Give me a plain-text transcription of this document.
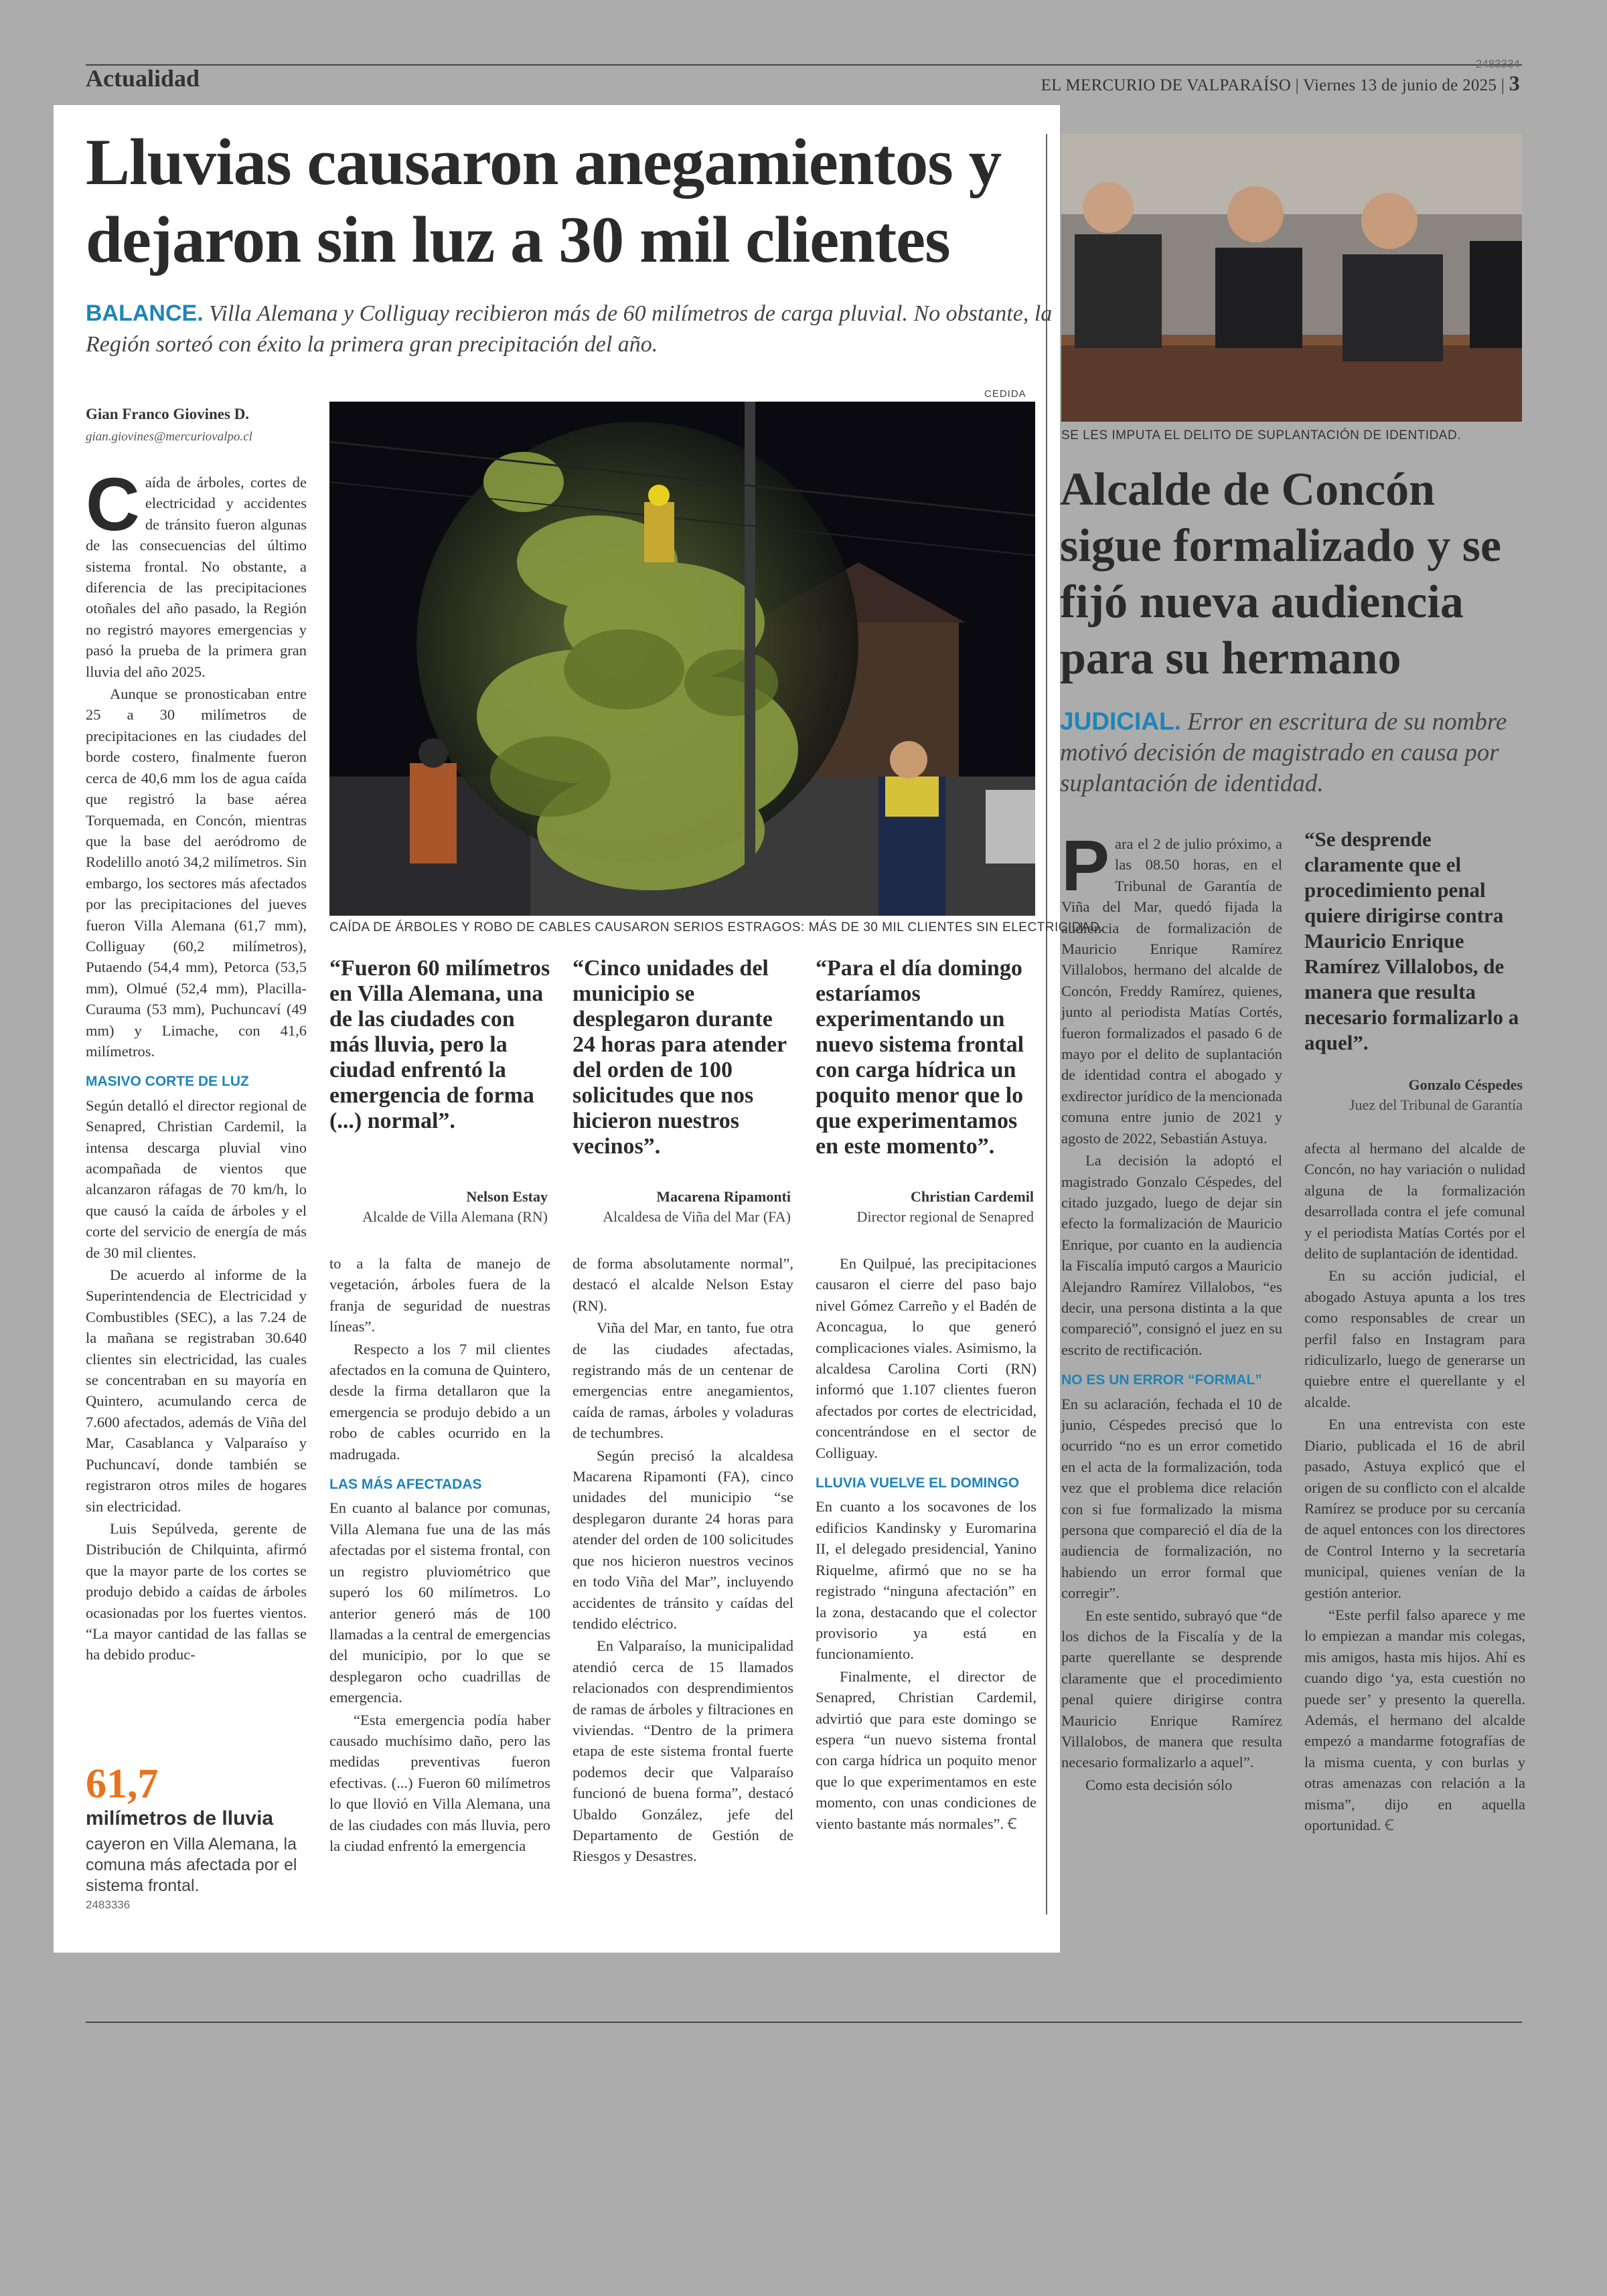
Actualidad
2483334
EL MERCURIO DE VALPARAÍSO | Viernes 13 de junio de 2025 | 3
Lluvias causaron anegamientos y dejaron sin luz a 30 mil clientes
BALANCE. Villa Alemana y Colliguay recibieron más de 60 milímetros de carga pluvial. No obstante, la Región sorteó con éxito la primera gran precipitación del año.
Gian Franco Giovines D.
gian.giovines@mercuriovalpo.cl

Caída de árboles, cortes de electricidad y accidentes de tránsito fueron algunas de las consecuencias del último sistema frontal. No obstante, a diferencia de las precipitaciones otoñales del año pasado, la Región no registró mayores emergencias y pasó la prueba de la primera gran lluvia del año 2025.

Aunque se pronosticaban entre 25 a 30 milímetros de precipitaciones en las ciudades del borde costero, finalmente fueron cerca de 40,6 mm los de agua caída que registró la base aérea Torquemada, en Concón, mientras que la base del aeródromo de Rodelillo anotó 34,2 milímetros. Sin embargo, los sectores más afectados por las precipitaciones del jueves fueron Villa Alemana (61,7 mm), Colliguay (60,2 milímetros), Putaendo (54,4 mm), Petorca (53,5 mm), Olmué (52,4 mm), Placilla-Curauma (53 mm), Puchuncaví (49 mm) y Limache, con 41,6 milímetros.

MASIVO CORTE DE LUZ

Según detalló el director regional de Senapred, Christian Cardemil, la intensa descarga pluvial vino acompañada de vientos que alcanzaron ráfagas de 70 km/h, lo que causó la caída de árboles y el corte del servicio de energía de más de 30 mil clientes.

De acuerdo al informe de la Superintendencia de Electricidad y Combustibles (SEC), a las 7.24 de la mañana se registraban 30.640 clientes sin electricidad, las cuales se concentraban en su mayoría en Quintero, acumulando cerca de 7.600 afectados, además de Viña del Mar, Casablanca y Valparaíso y Puchuncaví, donde también se registraron otros miles de hogares sin electricidad.

Luis Sepúlveda, gerente de Distribución de Chilquinta, afirmó que la mayor parte de los cortes se produjo debido a caídas de árboles ocasionadas por los fuertes vientos. “La mayor cantidad de las fallas se ha debido produc-

61,7
milímetros de lluvia
cayeron en Villa Alemana, la comuna más afectada por el sistema frontal.
2483336
CEDIDA
CAÍDA DE ÁRBOLES Y ROBO DE CABLES CAUSARON SERIOS ESTRAGOS: MÁS DE 30 MIL CLIENTES SIN ELECTRICIDAD.
“Fueron 60 milímetros en Villa Alemana, una de las ciudades con más lluvia, pero la ciudad enfrentó la emergencia de forma (...) normal”.
Nelson Estay
Alcalde de Villa Alemana (RN)
“Cinco unidades del municipio se desplegaron durante 24 horas para atender del orden de 100 solicitudes que nos hicieron nuestros vecinos”.
Macarena Ripamonti
Alcaldesa de Viña del Mar (FA)
“Para el día domingo estaríamos experimentando un nuevo sistema frontal con carga hídrica un poquito menor que lo que experimentamos en este momento”.
Christian Cardemil
Director regional de Senapred

to a la falta de manejo de vegetación, árboles fuera de la franja de seguridad de nuestras líneas”.

Respecto a los 7 mil clientes afectados en la comuna de Quintero, desde la firma detallaron que la emergencia se produjo debido a un robo de cables ocurrido en la madrugada.

LAS MÁS AFECTADAS

En cuanto al balance por comunas, Villa Alemana fue una de las más afectadas por el sistema frontal, con un registro pluviométrico que superó los 60 milímetros. Lo anterior generó más de 100 llamadas a la central de emergencias del municipio, por lo que se desplegaron ocho cuadrillas de emergencia.

“Esta emergencia podía haber causado muchísimo daño, pero las medidas preventivas fueron efectivas. (...) Fueron 60 milímetros lo que llovió en Villa Alemana, una de las ciudades con más lluvia, pero la ciudad enfrentó la emergencia

de forma absolutamente normal”, destacó el alcalde Nelson Estay (RN).

Viña del Mar, en tanto, fue otra de las ciudades afectadas, registrando más de un centenar de emergencias entre anegamientos, caída de ramas, árboles y voladuras de techumbres.

Según precisó la alcaldesa Macarena Ripamonti (FA), cinco unidades del municipio “se desplegaron durante 24 horas para atender del orden de 100 solicitudes que nos hicieron nuestros vecinos en todo Viña del Mar”, incluyendo accidentes de tránsito y caídas del tendido eléctrico.

En Valparaíso, la municipalidad atendió cerca de 15 llamados relacionados con desprendimientos de ramas de árboles y filtraciones en viviendas. “Dentro de la primera etapa de este sistema frontal fuerte podemos decir que Valparaíso funcionó de buena forma”, destacó Ubaldo González, jefe del Departamento de Gestión de Riesgos y Desastres.

En Quilpué, las precipitaciones causaron el cierre del paso bajo nivel Gómez Carreño y el Badén de Aconcagua, lo que generó complicaciones viales. Asimismo, la alcaldesa Carolina Corti (RN) informó que 1.107 clientes fueron afectados por cortes de electricidad, concentrándose en el sector de Colliguay.

LLUVIA VUELVE EL DOMINGO

En cuanto a los socavones de los edificios Kandinsky y Euromarina II, el delegado presidencial, Yanino Riquelme, afirmó que no se ha registrado “ninguna afectación” en la zona, destacando que el colector provisorio ya está en funcionamiento.

Finalmente, el director de Senapred, Christian Cardemil, advirtió que para este domingo se espera “un nuevo sistema frontal con carga hídrica un poquito menor que lo que experimentamos en este momento, con unas condiciones de viento bastante más normales”. Ꞓ

SE LES IMPUTA EL DELITO DE SUPLANTACIÓN DE IDENTIDAD.
Alcalde de Concón sigue formalizado y se fijó nueva audiencia para su hermano
JUDICIAL. Error en escritura de su nombre motivó decisión de magistrado en causa por suplantación de identidad.

Para el 2 de julio próximo, a las 08.50 horas, en el Tribunal de Garantía de Viña del Mar, quedó fijada la audiencia de formalización de Mauricio Enrique Ramírez Villalobos, hermano del alcalde de Concón, Freddy Ramírez, quienes, junto al periodista Matías Cortés, fueron formalizados el pasado 6 de mayo por el delito de suplantación de identidad contra el abogado y exdirector jurídico de la mencionada comuna entre junio de 2021 y agosto de 2022, Sebastián Astuya.

La decisión la adoptó el magistrado Gonzalo Céspedes, del citado juzgado, luego de dejar sin efecto la formalización de Mauricio Enrique, por cuanto en la audiencia la Fiscalía imputó cargos a Mauricio Alejandro Ramírez Villalobos, “es decir, una persona distinta a la que compareció”, consignó el juez en su escrito de rectificación.

NO ES UN ERROR “FORMAL”

En su aclaración, fechada el 10 de junio, Céspedes precisó que lo ocurrido “no es un error cometido en el acta de la formalización, toda vez que el problema dice relación con si fue formalizado la misma persona que compareció el día de la audiencia de formalización, no habiendo un error formal que corregir”.

En este sentido, subrayó que “de los dichos de la Fiscalía y de la parte querellante se desprende claramente que el procedimiento penal quiere dirigirse contra Mauricio Enrique Ramírez Villalobos, de manera que resulta necesario formalizarlo a aquel”.

Como esta decisión sólo

“Se desprende claramente que el procedimiento penal quiere dirigirse contra Mauricio Enrique Ramírez Villalobos, de manera que resulta necesario formalizarlo a aquel”.
Gonzalo Céspedes
Juez del Tribunal de Garantía

afecta al hermano del alcalde de Concón, no hay variación o nulidad alguna de la formalización desarrollada contra el jefe comunal y el periodista Matías Cortés por el delito de suplantación de identidad.

En su acción judicial, el abogado Astuya apunta a los tres como responsables de crear un perfil falso en Instagram para ridiculizarlo, luego de generarse un quiebre entre el querellante y el alcalde.

En una entrevista con este Diario, publicada el 16 de abril pasado, Astuya explicó que el origen de su conflicto con el alcalde Ramírez se produce por su cercanía de aquel entonces con los directores de Control Interno y la secretaría municipal, quienes venían de la gestión anterior.

“Este perfil falso aparece y me lo empiezan a mandar mis colegas, mis amigos, hasta mis hijos. Ahí es cuando digo ‘ya, esta cuestión no puede ser’ y presento la querella. Además, el hermano del alcalde empezó a mandarme fotografías de la misma cuenta, y con burlas y otras amenazas con relación a la misma”, dijo en aquella oportunidad. Ꞓ
